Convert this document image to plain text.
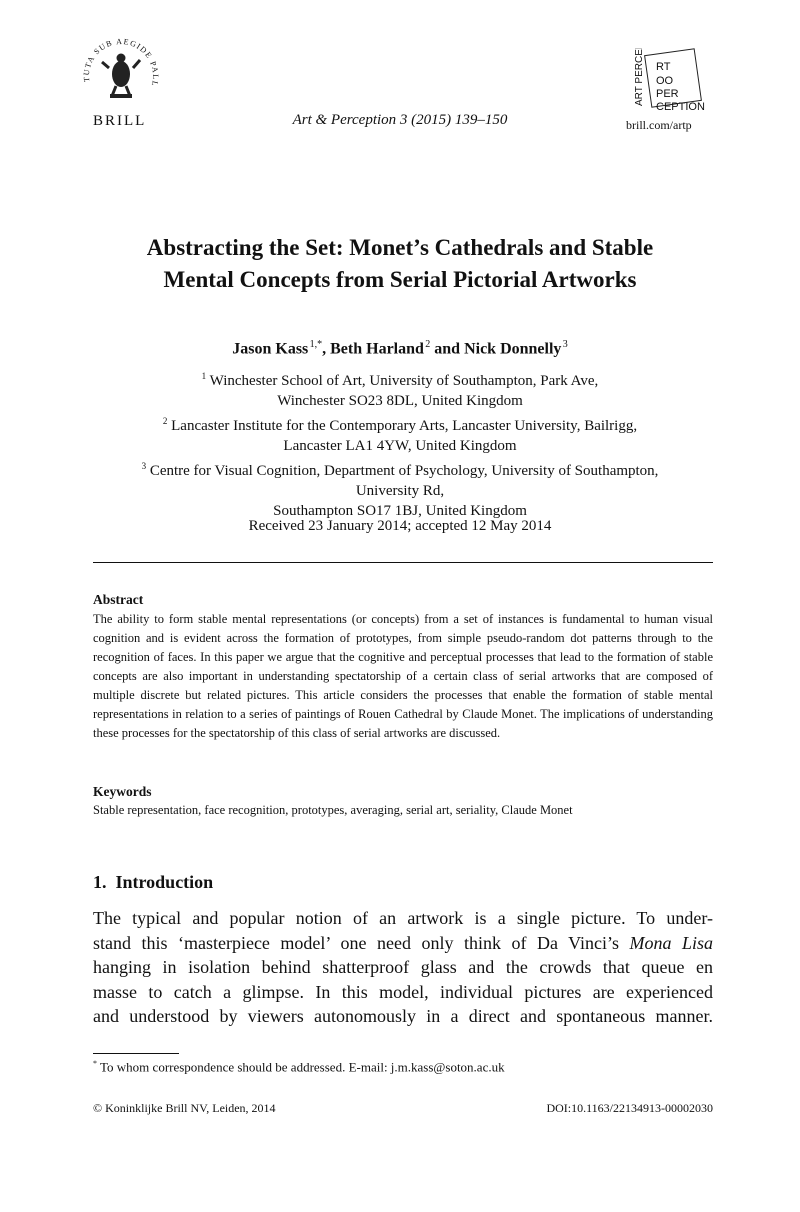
TUTA SUB AEGIDE PALL
BRILL	Art & Perception 3 (2015) 139–150
ART PERCEPTION RT
OO
PER
CEPTION
brill.com/artp
Abstracting the Set: Monet’s Cathedrals and Stable
Mental Concepts from Serial Pictorial Artworks
Jason Kass $^{1,*}$, Beth Harland $^2$ and Nick Donnelly $^3$
$^1$ Winchester School of Art, University of Southampton, Park Ave,
Winchester SO23 8DL, United Kingdom
$^2$ Lancaster Institute for the Contemporary Arts, Lancaster University, Bailrigg,
Lancaster LA1 4YW, United Kingdom
$^3$ Centre for Visual Cognition, Department of Psychology, University of Southampton,
University Rd,
Southampton SO17 1BJ, United Kingdom
Received 23 January 2014; accepted 12 May 2014
Abstract
The ability to form stable mental representations (or concepts) from a set of instances is fundamental to human visual cognition and is evident across the formation of prototypes, from simple pseudo-random dot patterns through to the recognition of faces. In this paper we argue that the cognitive and perceptual processes that lead to the formation of stable concepts are also important in understanding spectatorship of a certain class of serial artworks that are composed of multiple discrete but related pictures. This article considers the processes that enable the formation of stable mental representations in relation to a series of paintings of Rouen Cathedral by Claude Monet. The implications of understanding these processes for the spectatorship of this class of serial artworks are discussed.
Keywords
Stable representation, face recognition, prototypes, averaging, serial art, seriality, Claude Monet
1.  Introduction
The typical and popular notion of an artwork is a single picture. To under-
stand this ‘masterpiece model’ one need only think of Da Vinci’s Mona Lisa
hanging in isolation behind shatterproof glass and the crowds that queue en
masse to catch a glimpse. In this model, individual pictures are experienced
and understood by viewers autonomously in a direct and spontaneous manner.
* To whom correspondence should be addressed. E-mail: j.m.kass@soton.ac.uk
© Koninklijke Brill NV, Leiden, 2014	DOI:10.1163/22134913-00002030
